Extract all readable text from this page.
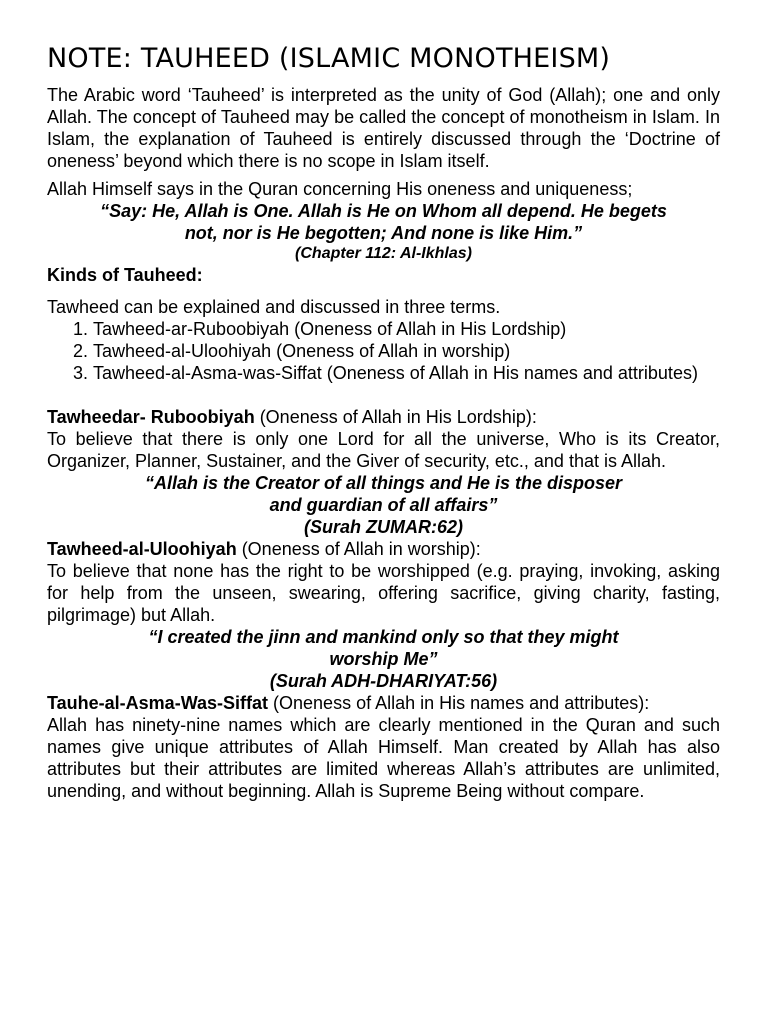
NOTE: TAUHEED (ISLAMIC MONOTHEISM)

The Arabic word ‘Tauheed’ is interpreted as the unity of God (Allah); one and only Allah. The concept of Tauheed may be called the concept of monotheism in Islam. In Islam, the explanation of Tauheed is entirely discussed through the ‘Doctrine of oneness’ beyond which there is no scope in Islam itself.

Allah Himself says in the Quran concerning His oneness and uniqueness;

“Say: He, Allah is One. Allah is He on Whom all depend. He begets
not, nor is He begotten; And none is like Him.”
(Chapter 112: Al-Ikhlas)

Kinds of Tauheed:

Tawheed can be explained and discussed in three terms.

1. Tawheed-ar-Ruboobiyah (Oneness of Allah in His Lordship)
2. Tawheed-al-Uloohiyah (Oneness of Allah in worship)
3. Tawheed-al-Asma-was-Siffat (Oneness of Allah in His names and attributes)

Tawheedar- Ruboobiyah (Oneness of Allah in His Lordship):

To believe that there is only one Lord for all the universe, Who is its Creator, Organizer, Planner, Sustainer, and the Giver of security, etc., and that is Allah.

“Allah is the Creator of all things and He is the disposer
and guardian of all affairs”
(Surah ZUMAR:62)

Tawheed-al-Uloohiyah (Oneness of Allah in worship):

To believe that none has the right to be worshipped (e.g. praying, invoking, asking for help from the unseen, swearing, offering sacrifice, giving charity, fasting, pilgrimage) but Allah.

“I created the jinn and mankind only so that they might
worship Me”
(Surah ADH-DHARIYAT:56)

Tauhe-al-Asma-Was-Siffat (Oneness of Allah in His names and attributes):

Allah has ninety-nine names which are clearly mentioned in the Quran and such names give unique attributes of Allah Himself. Man created by Allah has also attributes but their attributes are limited whereas Allah’s attributes are unlimited, unending, and without beginning. Allah is Supreme Being without compare.
